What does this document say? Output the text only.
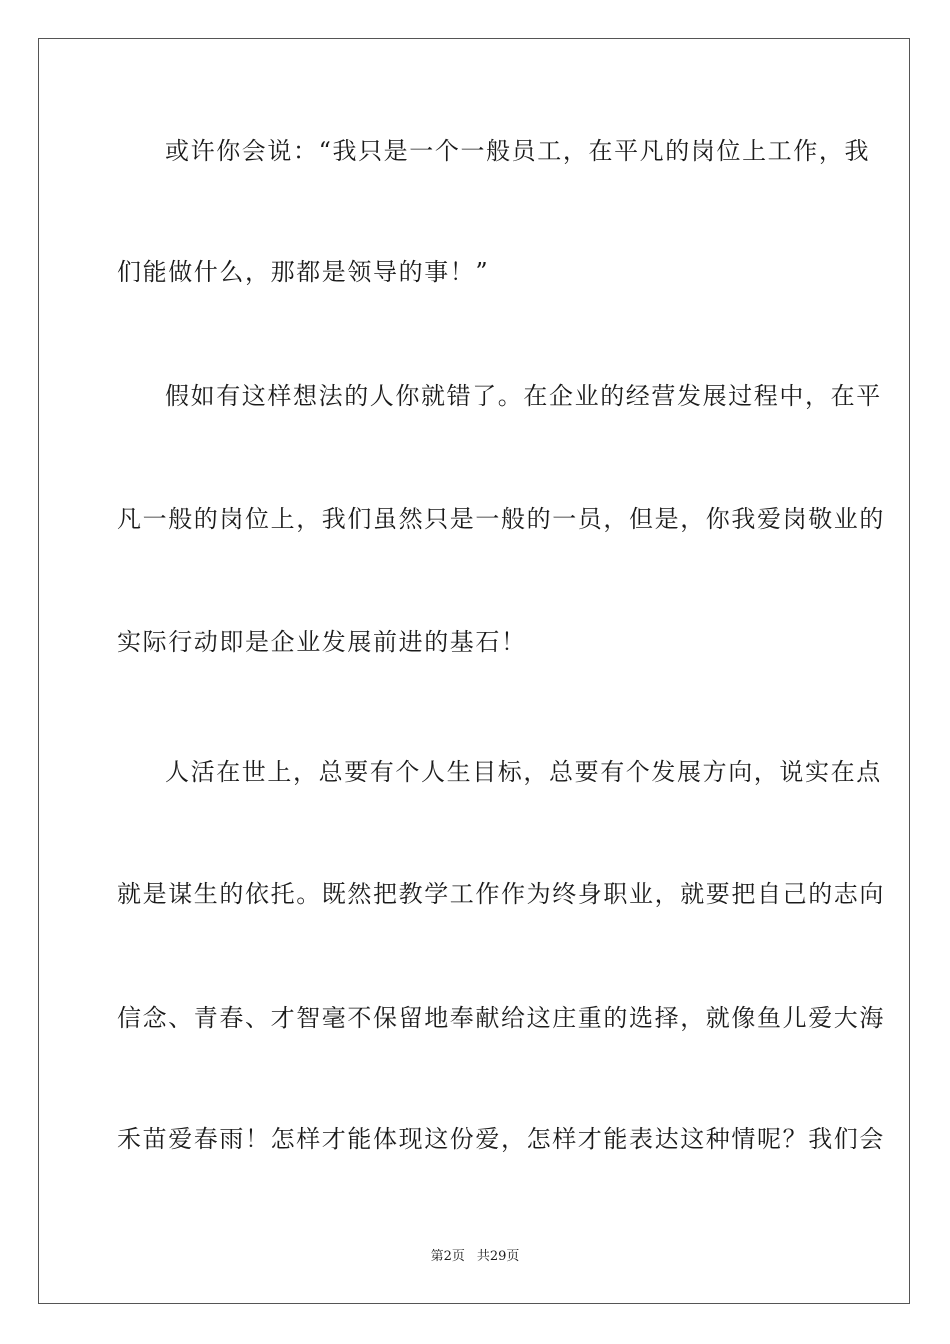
或许你会说：“我只是一个一般员工，在平凡的岗位上工作，我
们能做什么，那都是领导的事！”
假如有这样想法的人你就错了。在企业的经营发展过程中，在平
凡一般的岗位上，我们虽然只是一般的一员，但是，你我爱岗敬业的
实际行动即是企业发展前进的基石！
人活在世上，总要有个人生目标，总要有个发展方向，说实在点
就是谋生的依托。既然把教学工作作为终身职业，就要把自己的志向
信念、青春、才智毫不保留地奉献给这庄重的选择，就像鱼儿爱大海
禾苗爱春雨！怎样才能体现这份爱，怎样才能表达这种情呢？我们会
第2页 共29页
